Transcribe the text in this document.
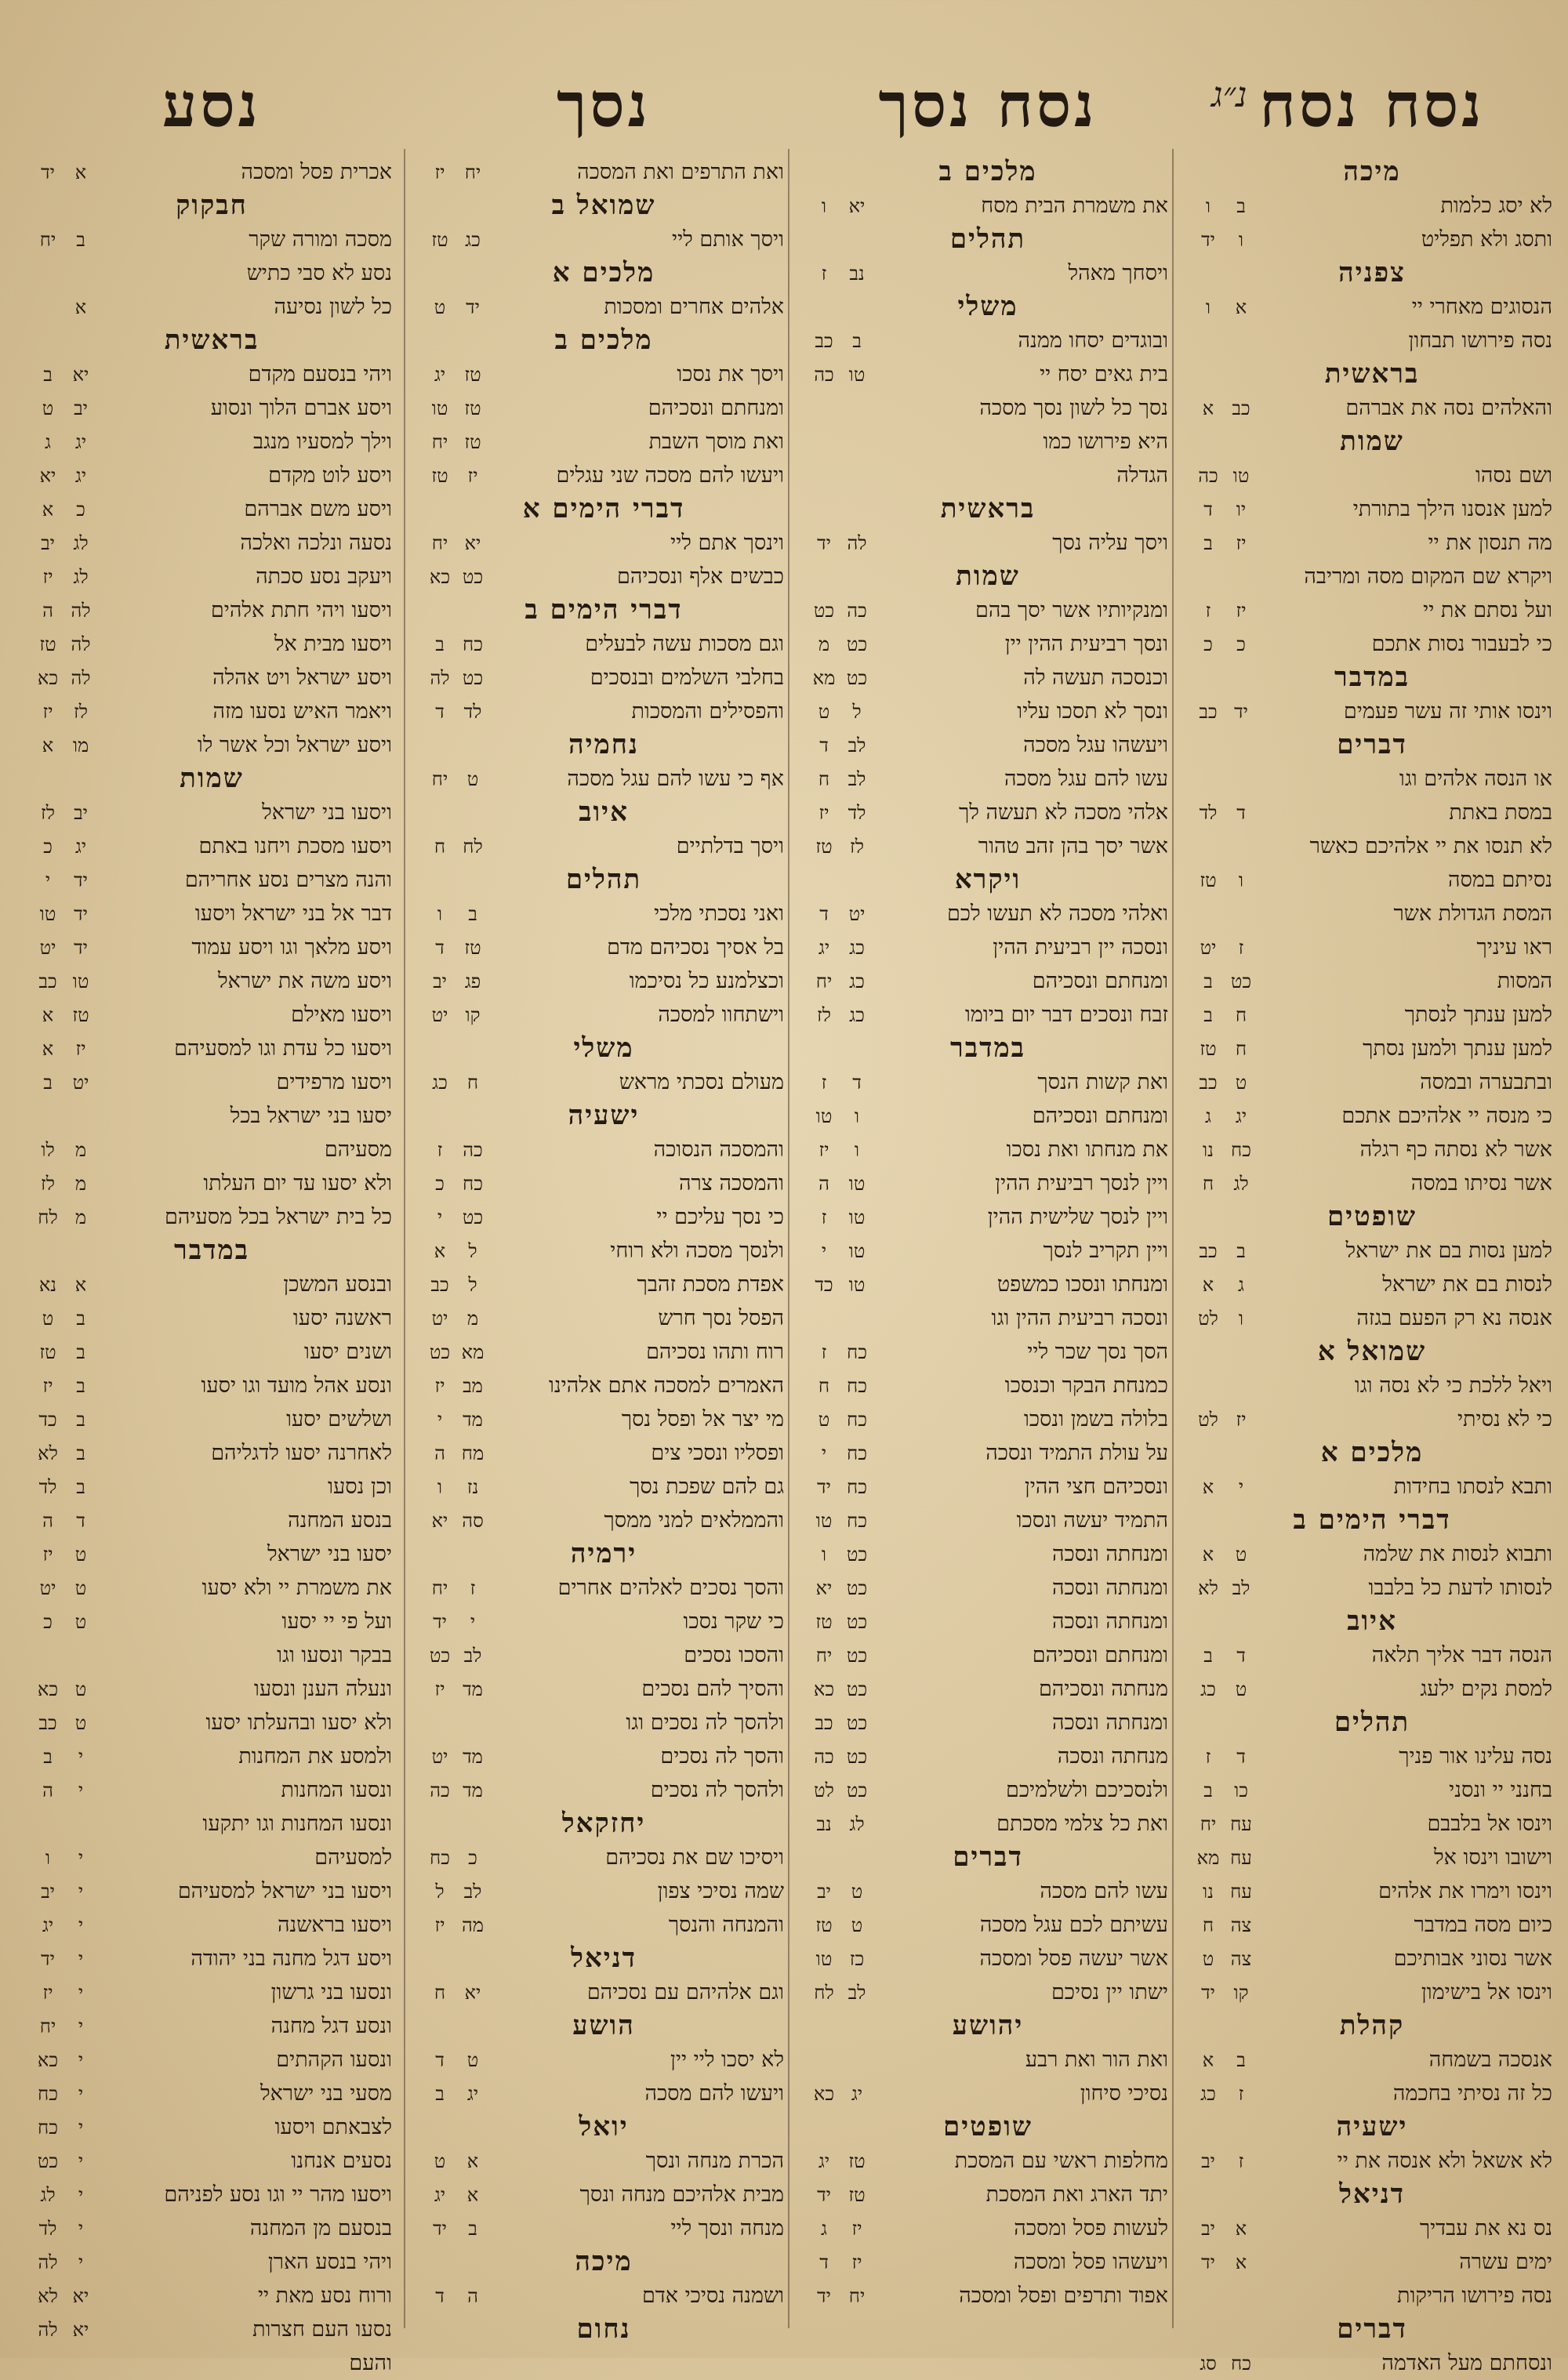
נ״ג נסח נסח
מיכה
לא יסג כלמות
ב
ו
ותסג ולא תפליט
ו
יד
צפניה
הנסוגים מאחרי יי
א
ו
נסה פירושו תבחון
בראשית
והאלהים נסה את אברהם
כב
א
שמות
ושם נסהו
טו
כה
למען אנסנו הילך בתורתי
יו
ד
מה תנסון את יי
יז
ב
ויקרא שם המקום מסה ומריבה
ועל נסתם את יי
יז
ז
כי לבעבור נסות אתכם
כ
כ
במדבר
וינסו אותי זה עשר פעמים
יד
כב
דברים
או הנסה אלהים וגו
במסת באתת
ד
לד
לא תנסו את יי אלהיכם כאשר
נסיתם במסה
ו
טז
המסת הגדולת אשר
ראו עיניך
ז
יט
המסות
כט
ב
למען ענתך לנסתך
ח
ב
למען ענתך ולמען נסתך
ח
טז
ובתבערה ובמסה
ט
כב
כי מנסה יי אלהיכם אתכם
יג
ג
אשר לא נסתה כף רגלה
כח
נו
אשר נסיתו במסה
לג
ח
שופטים
למען נסות בם את ישראל
ב
כב
לנסות בם את ישראל
ג
א
אנסה נא רק הפעם בגזה
ו
לט
שמואל א
ויאל ללכת כי לא נסה וגו
כי לא נסיתי
יז
לט
מלכים א
ותבא לנסתו בחידות
י
א
דברי הימים ב
ותבוא לנסות את שלמה
ט
א
לנסותו לדעת כל בלבבו
לב
לא
איוב
הנסה דבר אליך תלאה
ד
ב
למסת נקים ילעג
ט
כג
תהלים
נסה עלינו אור פניך
ד
ז
בחנני יי ונסני
כו
ב
וינסו אל בלבבם
עח
יח
וישובו וינסו אל
עח
מא
וינסו וימרו את אלהים
עח
נו
כיום מסה במדבר
צה
ח
אשר נסוני אבותיכם
צה
ט
וינסו אל בישימון
קו
יד
קהלת
אנסכה בשמחה
ב
א
כל זה נסיתי בחכמה
ז
כג
ישעיה
לא אשאל ולא אנסה את יי
ז
יב
דניאל
נס נא את עבדיך
א
יב
ימים עשרה
א
יד
נסה פירושו הריקות
דברים
ונסחתם מעל האדמה
כח
סג
נסח נסך
מלכים ב
את משמרת הבית מסח
יא
ו
תהלים
ויסחך מאהל
נב
ז
משלי
ובוגדים יסחו ממנה
ב
כב
בית גאים יסח יי
טו
כה
נסך כל לשון נסך מסכה
היא פירושו כמו
הגדלה
בראשית
ויסך עליה נסך
לה
יד
שמות
ומנקיותיו אשר יסך בהם
כה
כט
ונסך רביעית ההין יין
כט
מ
וכנסכה תעשה לה
כט
מא
ונסך לא תסכו עליו
ל
ט
ויעשהו עגל מסכה
לב
ד
עשו להם עגל מסכה
לב
ח
אלהי מסכה לא תעשה לך
לד
יז
אשר יסך בהן זהב טהור
לז
טז
ויקרא
ואלהי מסכה לא תעשו לכם
יט
ד
ונסכה יין רביעית ההין
כג
יג
ומנחתם ונסכיהם
כג
יח
זבח ונסכים דבר יום ביומו
כג
לז
במדבר
ואת קשות הנסך
ד
ז
ומנחתם ונסכיהם
ו
טו
את מנחתו ואת נסכו
ו
יז
ויין לנסך רביעית ההין
טו
ה
ויין לנסך שלישית ההין
טו
ז
ויין תקריב לנסך
טו
י
ומנחתו ונסכו כמשפט
טו
כד
ונסכה רביעית ההין וגו
הסך נסך שכר ליי
כח
ז
כמנחת הבקר וכנסכו
כח
ח
בלולה בשמן ונסכו
כח
ט
על עולת התמיד ונסכה
כח
י
ונסכיהם חצי ההין
כח
יד
התמיד יעשה ונסכו
כח
טו
ומנחתה ונסכה
כט
ו
ומנחתה ונסכה
כט
יא
ומנחתה ונסכה
כט
טז
ומנחתם ונסכיהם
כט
יח
מנחתה ונסכיהם
כט
כא
ומנחתה ונסכה
כט
כב
מנחתה ונסכה
כט
כה
ולנסכיכם ולשלמיכם
כט
לט
ואת כל צלמי מסכתם
לג
נב
דברים
עשו להם מסכה
ט
יב
עשיתם לכם עגל מסכה
ט
טז
אשר יעשה פסל ומסכה
כז
טו
ישתו יין נסיכם
לב
לח
יהושע
ואת הור ואת רבע
נסיכי סיחון
יג
כא
שופטים
מחלפות ראשי עם המסכת
טז
יג
יתד הארג ואת המסכת
טז
יד
לעשות פסל ומסכה
יז
ג
ויעשהו פסל ומסכה
יז
ד
אפוד ותרפים ופסל ומסכה
יח
יד
נסך
ואת התרפים ואת המסכה
יח
יז
שמואל ב
ויסך אותם ליי
כג
טז
מלכים א
אלהים אחרים ומסכות
יד
ט
מלכים ב
ויסך את נסכו
טז
יג
ומנחתם ונסכיהם
טז
טו
ואת מוסך השבת
טז
יח
ויעשו להם מסכה שני עגלים
יז
טז
דברי הימים א
וינסך אתם ליי
יא
יח
כבשים אלף ונסכיהם
כט
כא
דברי הימים ב
וגם מסכות עשה לבעלים
כח
ב
בחלבי השלמים ובנסכים
כט
לה
והפסילים והמסכות
לד
ד
נחמיה
אף כי עשו להם עגל מסכה
ט
יח
איוב
ויסך בדלתיים
לח
ח
תהלים
ואני נסכתי מלכי
ב
ו
בל אסיך נסכיהם מדם
טז
ד
וכצלמנע כל נסיכמו
פג
יב
וישתחוו למסכה
קו
יט
משלי
מעולם נסכתי מראש
ח
כג
ישעיה
והמסכה הנסוכה
כה
ז
והמסכה צרה
כח
כ
כי נסך עליכם יי
כט
י
ולנסך מסכה ולא רוחי
ל
א
אפדת מסכת זהבך
ל
כב
הפסל נסך חרש
מ
יט
רוח ותהו נסכיהם
מא
כט
האמרים למסכה אתם אלהינו
מב
יז
מי יצר אל ופסל נסך
מד
י
ופסליו ונסכי צים
מח
ה
גם להם שפכת נסך
נז
ו
והממלאים למני ממסך
סה
יא
ירמיה
והסך נסכים לאלהים אחרים
ז
יח
כי שקר נסכו
י
יד
והסכו נסכים
לב
כט
והסיך להם נסכים
מד
יז
ולהסך לה נסכים וגו
והסך לה נסכים
מד
יט
ולהסך לה נסכים
מד
כה
יחזקאל
ויסיכו שם את נסכיהם
כ
כח
שמה נסיכי צפון
לב
ל
והמנחה והנסך
מה
יז
דניאל
וגם אלהיהם עם נסכיהם
יא
ח
הושע
לא יסכו ליי יין
ט
ד
ויעשו להם מסכה
יג
ב
יואל
הכרת מנחה ונסך
א
ט
מבית אלהיכם מנחה ונסך
א
יג
מנחה ונסך ליי
ב
יד
מיכה
ושמנה נסיכי אדם
ה
ד
נחום
נסע
אכרית פסל ומסכה
א
יד
חבקוק
מסכה ומורה שקר
ב
יח
נסע לא סבי כתיש
כל לשון נסיעה
א
בראשית
ויהי בנסעם מקדם
יא
ב
ויסע אברם הלוך ונסוע
יב
ט
וילך למסעיו מנגב
יג
ג
ויסע לוט מקדם
יג
יא
ויסע משם אברהם
כ
א
נסעה ונלכה ואלכה
לג
יב
ויעקב נסע סכתה
לג
יז
ויסעו ויהי חתת אלהים
לה
ה
ויסעו מבית אל
לה
טז
ויסע ישראל ויט אהלה
לה
כא
ויאמר האיש נסעו מזה
לז
יז
ויסע ישראל וכל אשר לו
מו
א
שמות
ויסעו בני ישראל
יב
לז
ויסעו מסכת ויחנו באתם
יג
כ
והנה מצרים נסע אחריהם
יד
י
דבר אל בני ישראל ויסעו
יד
טו
ויסע מלאך וגו ויסע עמוד
יד
יט
ויסע משה את ישראל
טו
כב
ויסעו מאילם
טז
א
ויסעו כל עדת וגו למסעיהם
יז
א
ויסעו מרפידים
יט
ב
יסעו בני ישראל בכל
מסעיהם
מ
לו
ולא יסעו עד יום העלתו
מ
לז
כל בית ישראל בכל מסעיהם
מ
לח
במדבר
ובנסע המשכן
א
נא
ראשנה יסעו
ב
ט
ושנים יסעו
ב
טז
ונסע אהל מועד וגו יסעו
ב
יז
ושלשים יסעו
ב
כד
לאחרנה יסעו לדגליהם
ב
לא
וכן נסעו
ב
לד
בנסע המחנה
ד
ה
יסעו בני ישראל
ט
יז
את משמרת יי ולא יסעו
ט
יט
ועל פי יי יסעו
ט
כ
בבקר ונסעו וגו
ונעלה הענן ונסעו
ט
כא
ולא יסעו ובהעלתו יסעו
ט
כב
ולמסע את המחנות
י
ב
ונסעו המחנות
י
ה
ונסעו המחנות וגו יתקעו
למסעיהם
י
ו
ויסעו בני ישראל למסעיהם
י
יב
ויסעו בראשנה
י
יג
ויסע דגל מחנה בני יהודה
י
יד
ונסעו בני גרשון
י
יז
ונסע דגל מחנה
י
יח
ונסעו הקהתים
י
כא
מסעי בני ישראל
י
כח
לצבאתם ויסעו
י
כח
נסעים אנחנו
י
כט
ויסעו מהר יי וגו נסע לפניהם
י
לג
בנסעם מן המחנה
י
לד
ויהי בנסע הארן
י
לה
ורוח נסע מאת יי
יא
לא
נסעו העם חצרות
יא
לה
והעם
